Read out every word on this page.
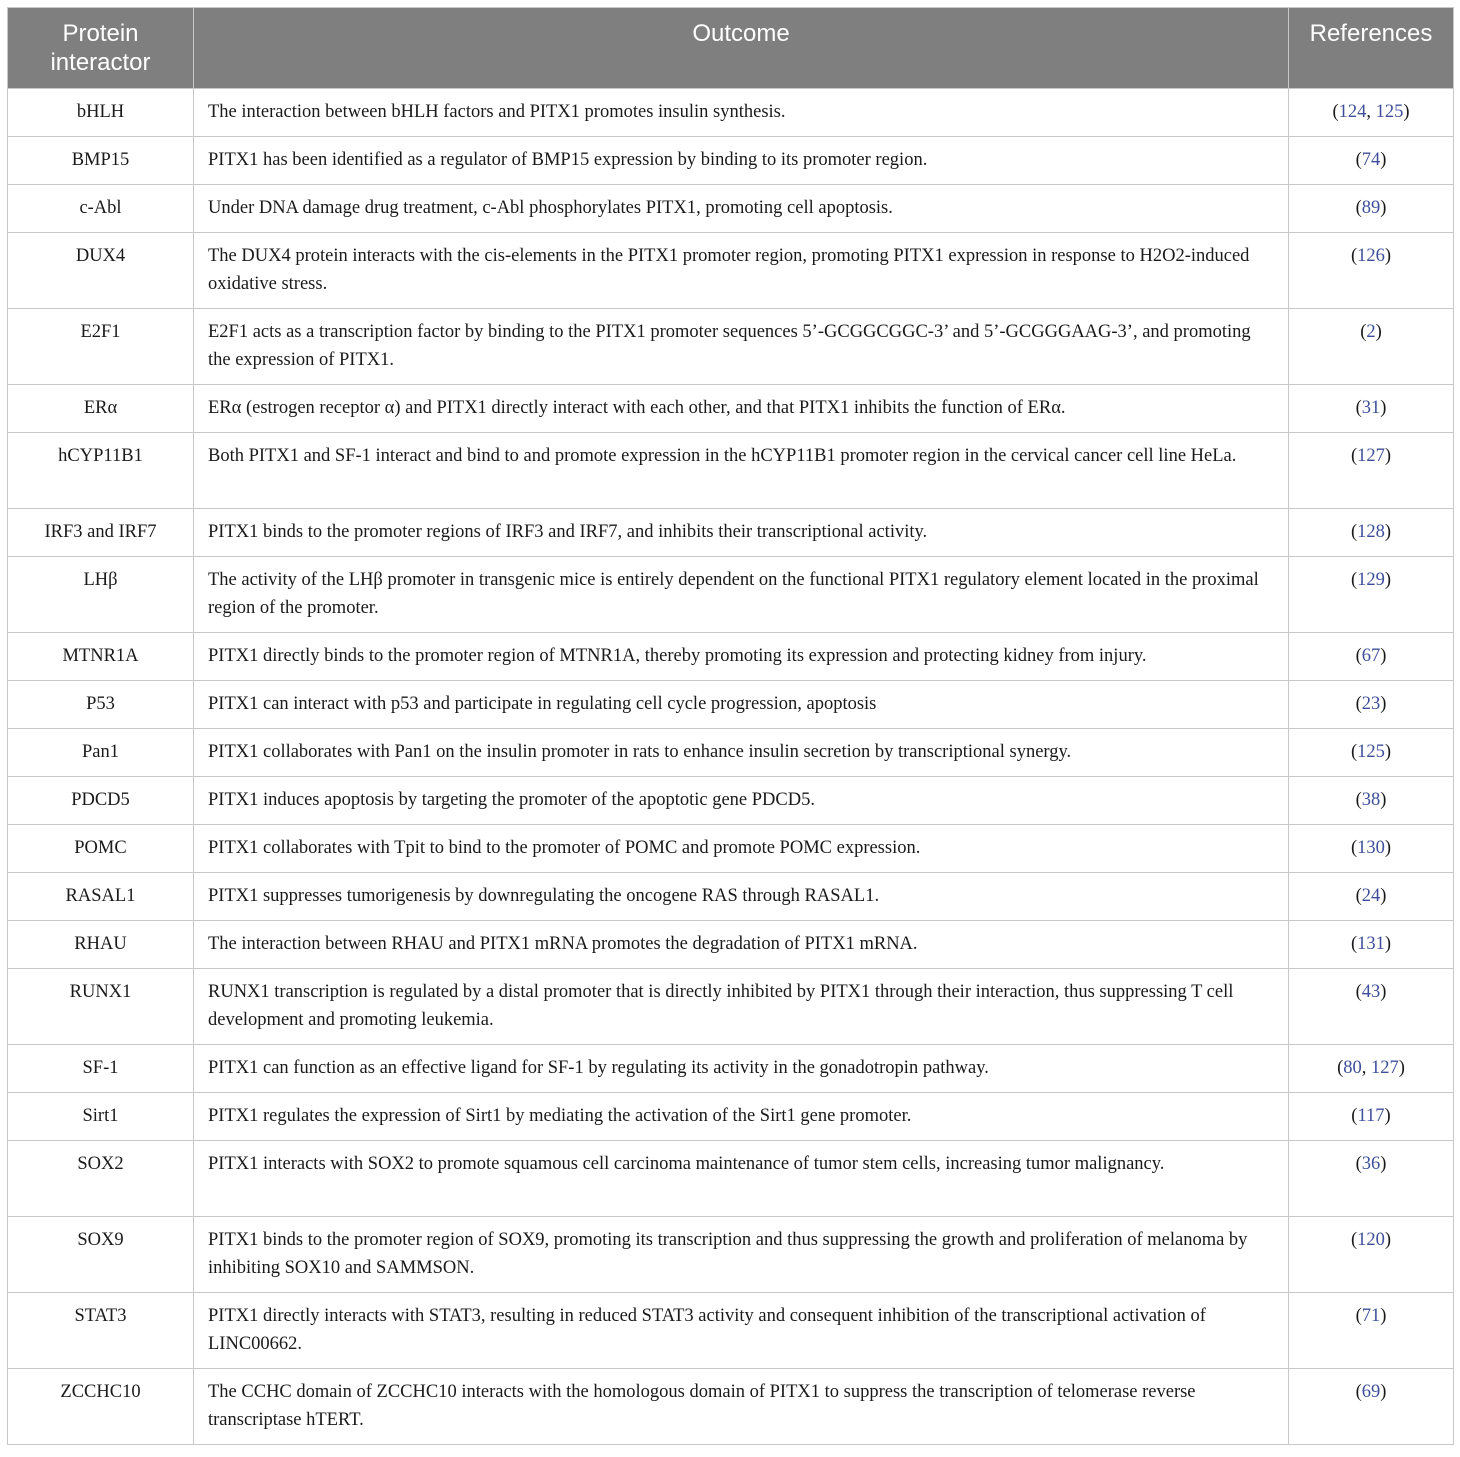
Protein
interactor	Outcome	References
bHLH	The interaction between bHLH factors and PITX1 promotes insulin synthesis.	(124, 125)
BMP15	PITX1 has been identified as a regulator of BMP15 expression by binding to its promoter region.	(74)
c-Abl	Under DNA damage drug treatment, c-Abl phosphorylates PITX1, promoting cell apoptosis.	(89)
DUX4	The DUX4 protein interacts with the cis-elements in the PITX1 promoter region, promoting PITX1 expression in response to H2O2-induced oxidative stress.	(126)
E2F1	E2F1 acts as a transcription factor by binding to the PITX1 promoter sequences 5’-GCGGCGGC-3’ and 5’-GCGGGAAG-3’, and promoting the expression of PITX1.	(2)
ERα	ERα (estrogen receptor α) and PITX1 directly interact with each other, and that PITX1 inhibits the function of ERα.	(31)
hCYP11B1	Both PITX1 and SF-1 interact and bind to and promote expression in the hCYP11B1 promoter region in the cervical cancer cell line HeLa.	(127)
IRF3 and IRF7	PITX1 binds to the promoter regions of IRF3 and IRF7, and inhibits their transcriptional activity.	(128)
LHβ	The activity of the LHβ promoter in transgenic mice is entirely dependent on the functional PITX1 regulatory element located in the proximal region of the promoter.	(129)
MTNR1A	PITX1 directly binds to the promoter region of MTNR1A, thereby promoting its expression and protecting kidney from injury.	(67)
P53	PITX1 can interact with p53 and participate in regulating cell cycle progression, apoptosis	(23)
Pan1	PITX1 collaborates with Pan1 on the insulin promoter in rats to enhance insulin secretion by transcriptional synergy.	(125)
PDCD5	PITX1 induces apoptosis by targeting the promoter of the apoptotic gene PDCD5.	(38)
POMC	PITX1 collaborates with Tpit to bind to the promoter of POMC and promote POMC expression.	(130)
RASAL1	PITX1 suppresses tumorigenesis by downregulating the oncogene RAS through RASAL1.	(24)
RHAU	The interaction between RHAU and PITX1 mRNA promotes the degradation of PITX1 mRNA.	(131)
RUNX1	RUNX1 transcription is regulated by a distal promoter that is directly inhibited by PITX1 through their interaction, thus suppressing T cell development and promoting leukemia.	(43)
SF-1	PITX1 can function as an effective ligand for SF-1 by regulating its activity in the gonadotropin pathway.	(80, 127)
Sirt1	PITX1 regulates the expression of Sirt1 by mediating the activation of the Sirt1 gene promoter.	(117)
SOX2	PITX1 interacts with SOX2 to promote squamous cell carcinoma maintenance of tumor stem cells, increasing tumor malignancy.	(36)
SOX9	PITX1 binds to the promoter region of SOX9, promoting its transcription and thus suppressing the growth and proliferation of melanoma by inhibiting SOX10 and SAMMSON.	(120)
STAT3	PITX1 directly interacts with STAT3, resulting in reduced STAT3 activity and consequent inhibition of the transcriptional activation of LINC00662.	(71)
ZCCHC10	The CCHC domain of ZCCHC10 interacts with the homologous domain of PITX1 to suppress the transcription of telomerase reverse transcriptase hTERT.	(69)
